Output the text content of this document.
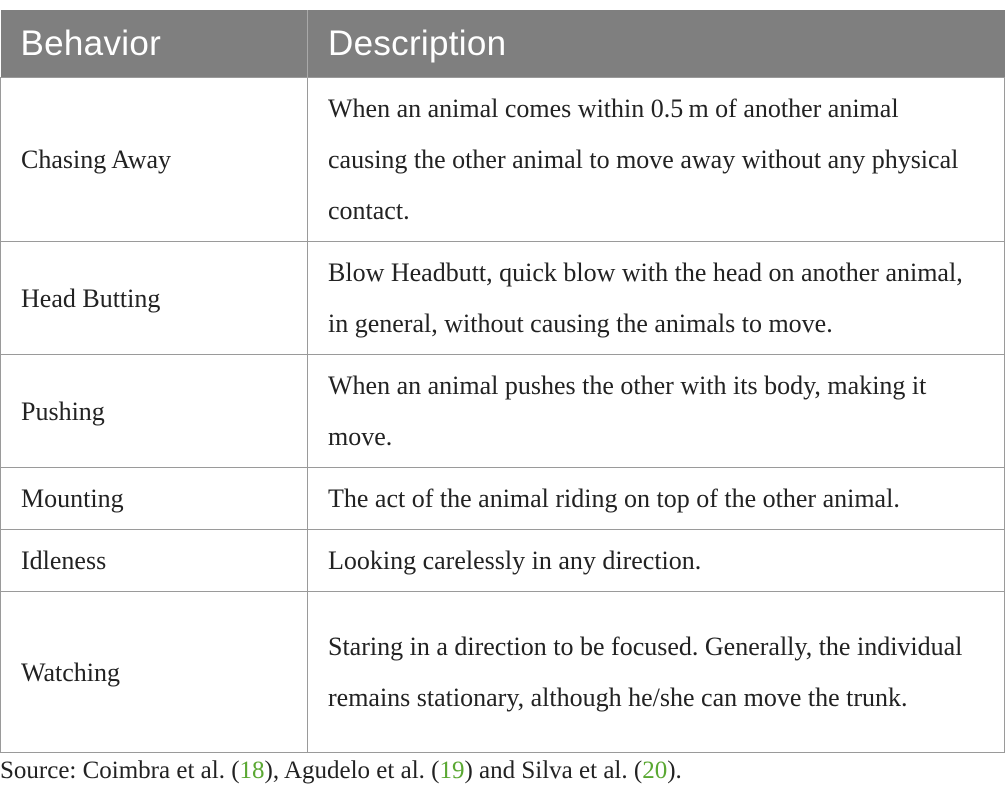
Behavior	Description
Chasing Away	When an animal comes within 0.5 m of another animal causing the other animal to move away without any physical contact.
Head Butting	Blow Headbutt, quick blow with the head on another animal, in general, without causing the animals to move.
Pushing	When an animal pushes the other with its body, making it move.
Mounting	The act of the animal riding on top of the other animal.
Idleness	Looking carelessly in any direction.
Watching	Staring in a direction to be focused. Generally, the individual remains stationary, although he/she can move the trunk.
Source: Coimbra et al. (18), Agudelo et al. (19) and Silva et al. (20).
